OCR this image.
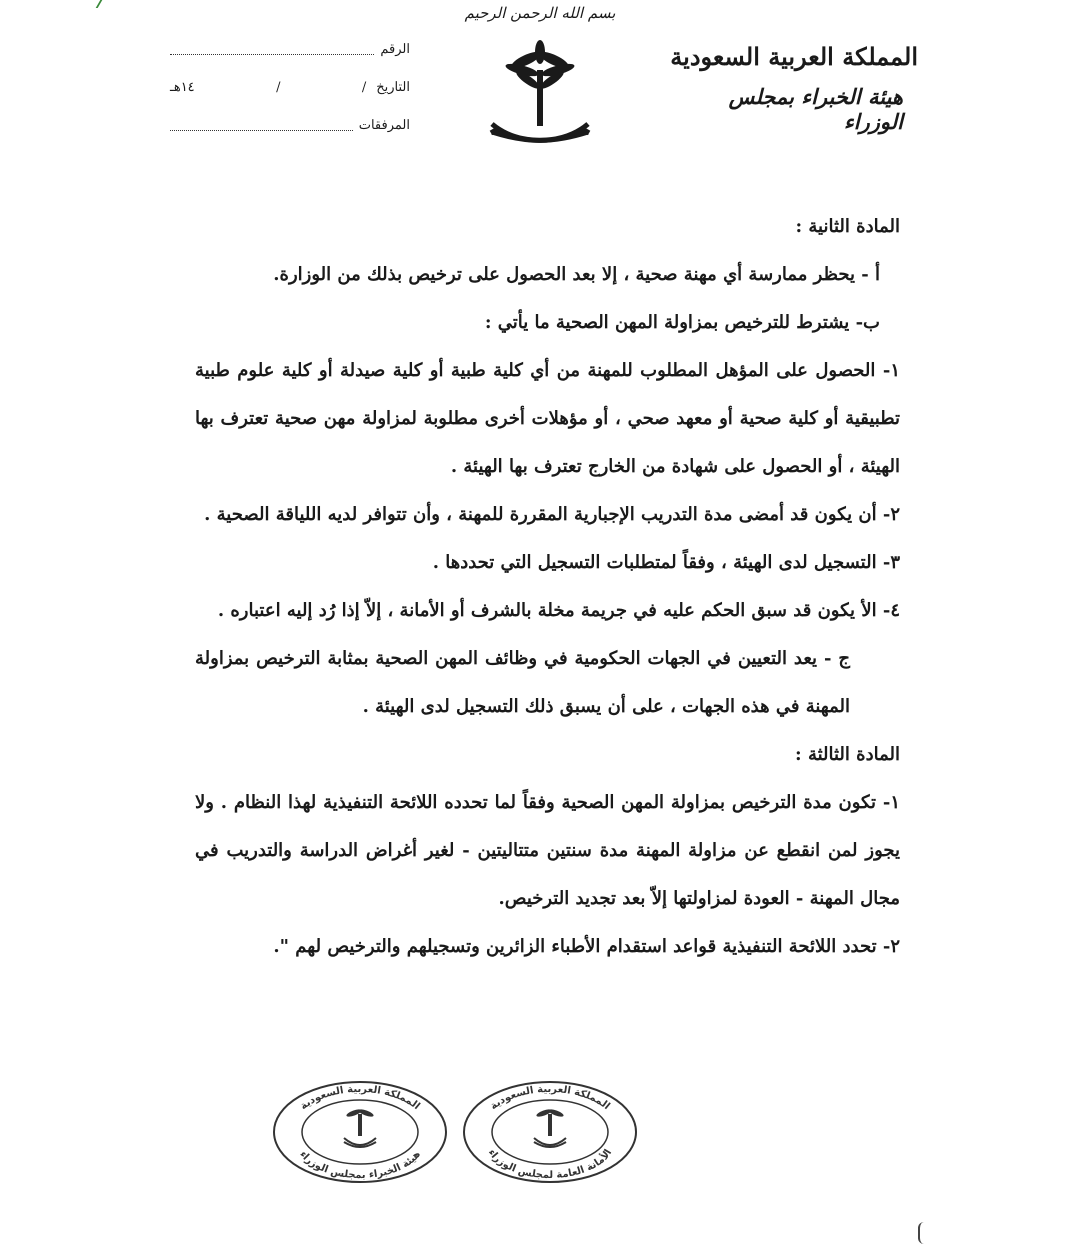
بسم الله الرحمن الرحيم
المملكة العربية السعودية
هيئة الخبراء بمجلس الوزراء
الرقم
التاريخ
/
/
١٤هـ
المرفقات

المادة الثانية :

أ - يحظر ممارسة أي مهنة صحية ، إلا بعد الحصول على ترخيص بذلك من الوزارة.

ب- يشترط للترخيص بمزاولة المهن الصحية ما يأتي :

١- الحصول على المؤهل المطلوب للمهنة من أي كلية طبية أو كلية صيدلة أو كلية علوم طبية تطبيقية أو كلية صحية أو معهد صحي ، أو مؤهلات أخرى مطلوبة لمزاولة مهن صحية تعترف بها الهيئة ، أو الحصول على شهادة من الخارج تعترف بها الهيئة .

٢- أن يكون قد أمضى مدة التدريب الإجبارية المقررة للمهنة ، وأن تتوافر لديه اللياقة الصحية .

٣- التسجيل لدى الهيئة ، وفقاً لمتطلبات التسجيل التي تحددها .

٤- الأ يكون قد سبق الحكم عليه في جريمة مخلة بالشرف أو الأمانة ، إلاّ إذا رُد إليه اعتباره .

ج - يعد التعيين في الجهات الحكومية في وظائف المهن الصحية بمثابة الترخيص بمزاولة المهنة في هذه الجهات ، على أن يسبق ذلك التسجيل لدى الهيئة .

المادة الثالثة :

١- تكون مدة الترخيص بمزاولة المهن الصحية وفقاً لما تحدده اللائحة التنفيذية لهذا النظام . ولا يجوز لمن انقطع عن مزاولة المهنة مدة سنتين متتاليتين - لغير أغراض الدراسة والتدريب في مجال المهنة - العودة لمزاولتها إلاّ بعد تجديد الترخيص.

٢- تحدد اللائحة التنفيذية قواعد استقدام الأطباء الزائرين وتسجيلهم والترخيص لهم ".

المملكة العربية السعودية
هيئة الخبراء بمجلس الوزراء
المملكة العربية السعودية
الأمانة العامة لمجلس الوزراء
